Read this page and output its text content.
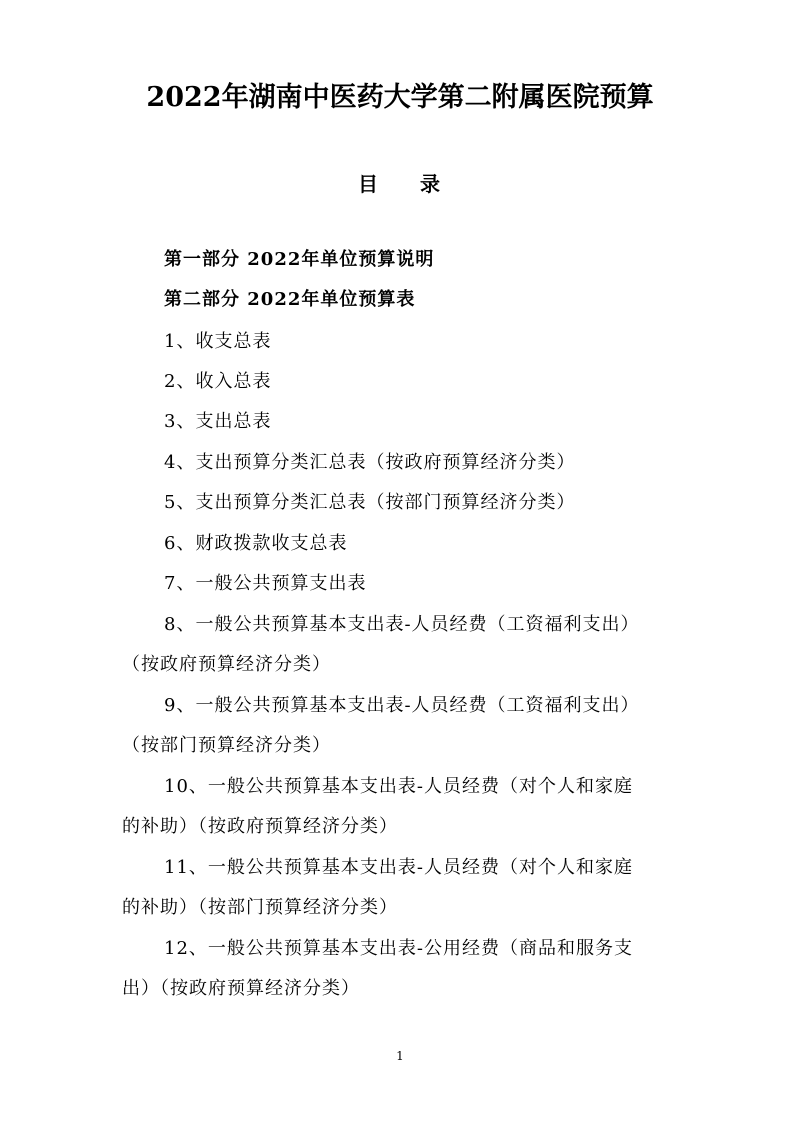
2022年湖南中医药大学第二附属医院预算
目 录
第一部分 2022年单位预算说明
第二部分 2022年单位预算表
1、收支总表
2、收入总表
3、支出总表
4、支出预算分类汇总表（按政府预算经济分类）
5、支出预算分类汇总表（按部门预算经济分类）
6、财政拨款收支总表
7、一般公共预算支出表
8、一般公共预算基本支出表-人员经费（工资福利支出）
（按政府预算经济分类）
9、一般公共预算基本支出表-人员经费（工资福利支出）
（按部门预算经济分类）
10、一般公共预算基本支出表-人员经费（对个人和家庭
的补助）（按政府预算经济分类）
11、一般公共预算基本支出表-人员经费（对个人和家庭
的补助）（按部门预算经济分类）
12、一般公共预算基本支出表-公用经费（商品和服务支
出）（按政府预算经济分类）
1
